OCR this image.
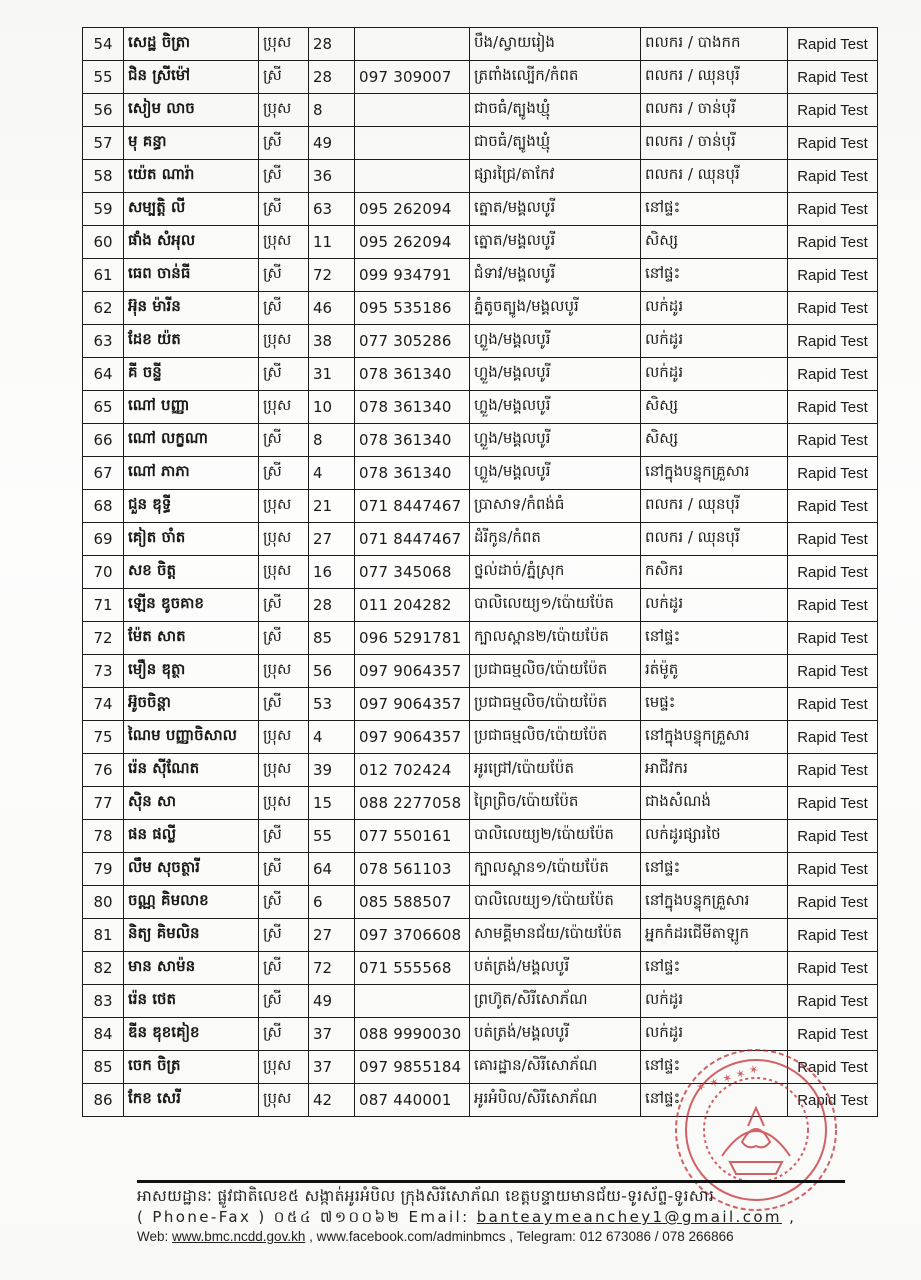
54	សេដ្ឋ ចិត្រា	ប្រុស	28		បឹង/ស្វាយរៀង	ពលករ / បាងកក	Rapid Test
55	ជិន ស្រីម៉ៅ	ស្រី	28	097 309007	ត្រពាំងល្បើក/កំពត	ពលករ / ឈុនបុរី	Rapid Test
56	សៀម លាច	ប្រុស	8		ជាចធំ/ត្បូងឃ្មុំ	ពលករ / ចាន់បុរី	Rapid Test
57	មុ គន្ធា	ស្រី	49		ជាចធំ/ត្បូងឃ្មុំ	ពលករ / ចាន់បុរី	Rapid Test
58	យ៉េត ណារ៉ា	ស្រី	36		ផ្សារជ្រៃ/តាកែវ	ពលករ / ឈុនបុរី	Rapid Test
59	សម្បត្តិ លី	ស្រី	63	095 262094	ត្នោត/មង្គលបូរី	នៅផ្ទះ	Rapid Test
60	ផាំង សំអុល	ប្រុស	11	095 262094	ត្នោត/មង្គលបូរី	សិស្ស	Rapid Test
61	ធេព ចាន់ធី	ស្រី	72	099 934791	ជំទាវ/មង្គលបូរី	នៅផ្ទះ	Rapid Test
62	អ៊ុន ម៉ារីន	ស្រី	46	095 535186	ភ្នំតូចត្បូង/មង្គលបូរី	លក់ដូរ	Rapid Test
63	ដែខ យ៉ត	ប្រុស	38	077 305286	ហ្លួង/មង្គលបូរី	លក់ដូរ	Rapid Test
64	គី ចន្ទី	ស្រី	31	078 361340	ហ្លួង/មង្គលបូរី	លក់ដូរ	Rapid Test
65	ណៅ បញ្ញា	ប្រុស	10	078 361340	ហ្លួង/មង្គលបូរី	សិស្ស	Rapid Test
66	ណៅ លក្ខណា	ស្រី	8	078 361340	ហ្លួង/មង្គលបូរី	សិស្ស	Rapid Test
67	ណៅ ភាភា	ស្រី	4	078 361340	ហ្លួង/មង្គលបូរី	នៅក្នុងបន្ទុកគ្រួសារ	Rapid Test
68	ជួន ឌុទ្ធី	ប្រុស	21	071 8447467	ប្រាសាទ/កំពង់ធំ	ពលករ / ឈុនបុរី	Rapid Test
69	គៀត ចាំត	ប្រុស	27	071 8447467	ដំរីកូន/កំពត	ពលករ / ឈុនបុរី	Rapid Test
70	សខ ចិត្ត	ប្រុស	16	077 345068	ថ្នល់ដាច់/ភ្នំស្រុក	កសិករ	Rapid Test
71	ឡើន ឌូចគាខ	ស្រី	28	011 204282	បាលិលេយ្យ១/ប៉ោយប៉ែត	លក់ដូរ	Rapid Test
72	ម៉ែត សាត	ស្រី	85	096 5291781	ក្បាលស្ពាន២/ប៉ោយប៉ែត	នៅផ្ទះ	Rapid Test
73	មឿន ឌុត្ថា	ប្រុស	56	097 9064357	ប្រជាធម្មលិច/ប៉ោយប៉ែត	រត់ម៉ូតូ	Rapid Test
74	អ៊ូចចិន្តា	ស្រី	53	097 9064357	ប្រជាធម្មលិច/ប៉ោយប៉ែត	មេផ្ទះ	Rapid Test
75	ណៃម បញ្ញាចិសាល	ប្រុស	4	097 9064357	ប្រជាធម្មលិច/ប៉ោយប៉ែត	នៅក្នុងបន្ទុកគ្រួសារ	Rapid Test
76	រ៉េន ស៊ីណែត	ប្រុស	39	012 702424	អូរជ្រៅ/ប៉ោយប៉ែត	អាជីវករ	Rapid Test
77	ស៊ិន សា	ប្រុស	15	088 2277058	ព្រៃព្រិច/ប៉ោយប៉ែត	ជាងសំណង់	Rapid Test
78	ផន ផល្លី	ស្រី	55	077 550161	បាលិលេយ្យ២/ប៉ោយប៉ែត	លក់ដូរផ្សារថៃ	Rapid Test
79	លឹម សុចត្ថារី	ស្រី	64	078 561103	ក្បាលស្ពាន១/ប៉ោយប៉ែត	នៅផ្ទះ	Rapid Test
80	ចណ្ណ គិមលាខ	ស្រី	6	085 588507	បាលិលេយ្យ១/ប៉ោយប៉ែត	នៅក្នុងបន្ទុកគ្រួសារ	Rapid Test
81	និត្យ គិមលិន	ស្រី	27	097 3706608	សាមគ្គីមានជ័យ/ប៉ោយប៉ែត	អ្នកកំដរជើមីតាឡូក	Rapid Test
82	មាន សាម៉ន	ស្រី	72	071 555568	បត់ត្រង់/មង្គលបូរី	នៅផ្ទះ	Rapid Test
83	រ៉េន ថេត	ស្រី	49		ព្រហ៊ូត/សិរីសោភ័ណ	លក់ដូរ	Rapid Test
84	ឌីន ឌុខគៀខ	ស្រី	37	088 9990030	បត់ត្រង់/មង្គលបូរី	លក់ដូរ	Rapid Test
85	ចេក ចិត្រ	ប្រុស	37	097 9855184	គោរដ្ឋាន/សិរីសោភ័ណ	នៅផ្ទះ	Rapid Test
86	កែខ សេរី	ប្រុស	42	087 440001	អូរអំបិល/សិរីសោភ័ណ	នៅផ្ទះ	Rapid Test
✶ ✶ ✶ ✶ ✶
អាសយដ្ឋានៈ ផ្លូវជាតិលេខ៥ សង្កាត់អូរអំបិល ក្រុងសិរីសោភ័ណ ខេត្តបន្ទាយមានជ័យ-ទូរស័ព្ទ-ទូរសារ
( Phone-Fax ) ០៥៤ ៧១០០៦២ Email: banteaymeanchey1@gmail.com ,
Web: www.bmc.ncdd.gov.kh , www.facebook.com/adminbmcs , Telegram: 012 673086 / 078 266866
